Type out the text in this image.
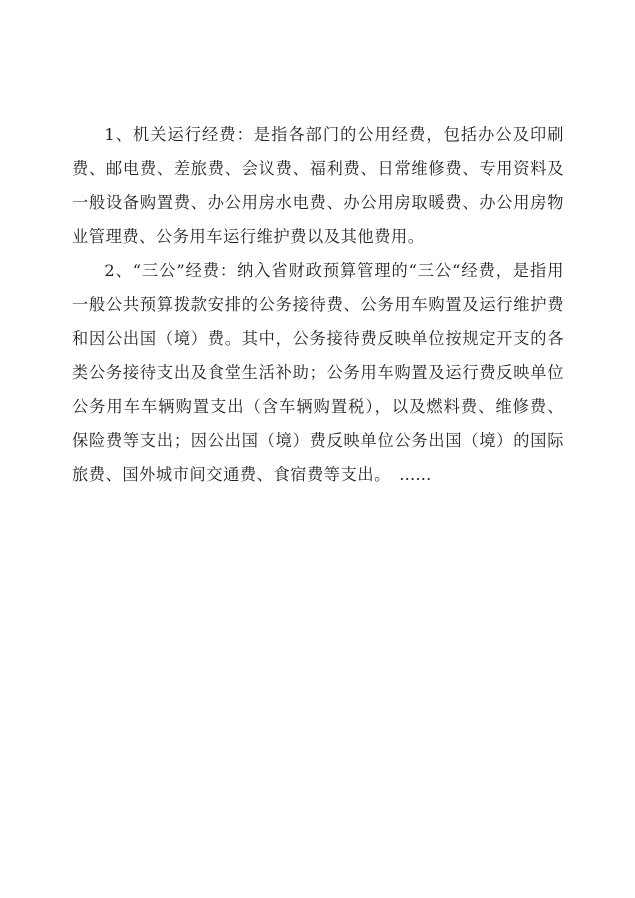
1、机关运行经费：是指各部门的公用经费，包括办公及印刷费、邮电费、差旅费、会议费、福利费、日常维修费、专用资料及一般设备购置费、办公用房水电费、办公用房取暖费、办公用房物业管理费、公务用车运行维护费以及其他费用。

2、“三公”经费：纳入省财政预算管理的“三公“经费，是指用一般公共预算拨款安排的公务接待费、公务用车购置及运行维护费和因公出国（境）费。其中，公务接待费反映单位按规定开支的各类公务接待支出及食堂生活补助；公务用车购置及运行费反映单位公务用车车辆购置支出（含车辆购置税），以及燃料费、维修费、保险费等支出；因公出国（境）费反映单位公务出国（境）的国际旅费、国外城市间交通费、食宿费等支出。 ……
